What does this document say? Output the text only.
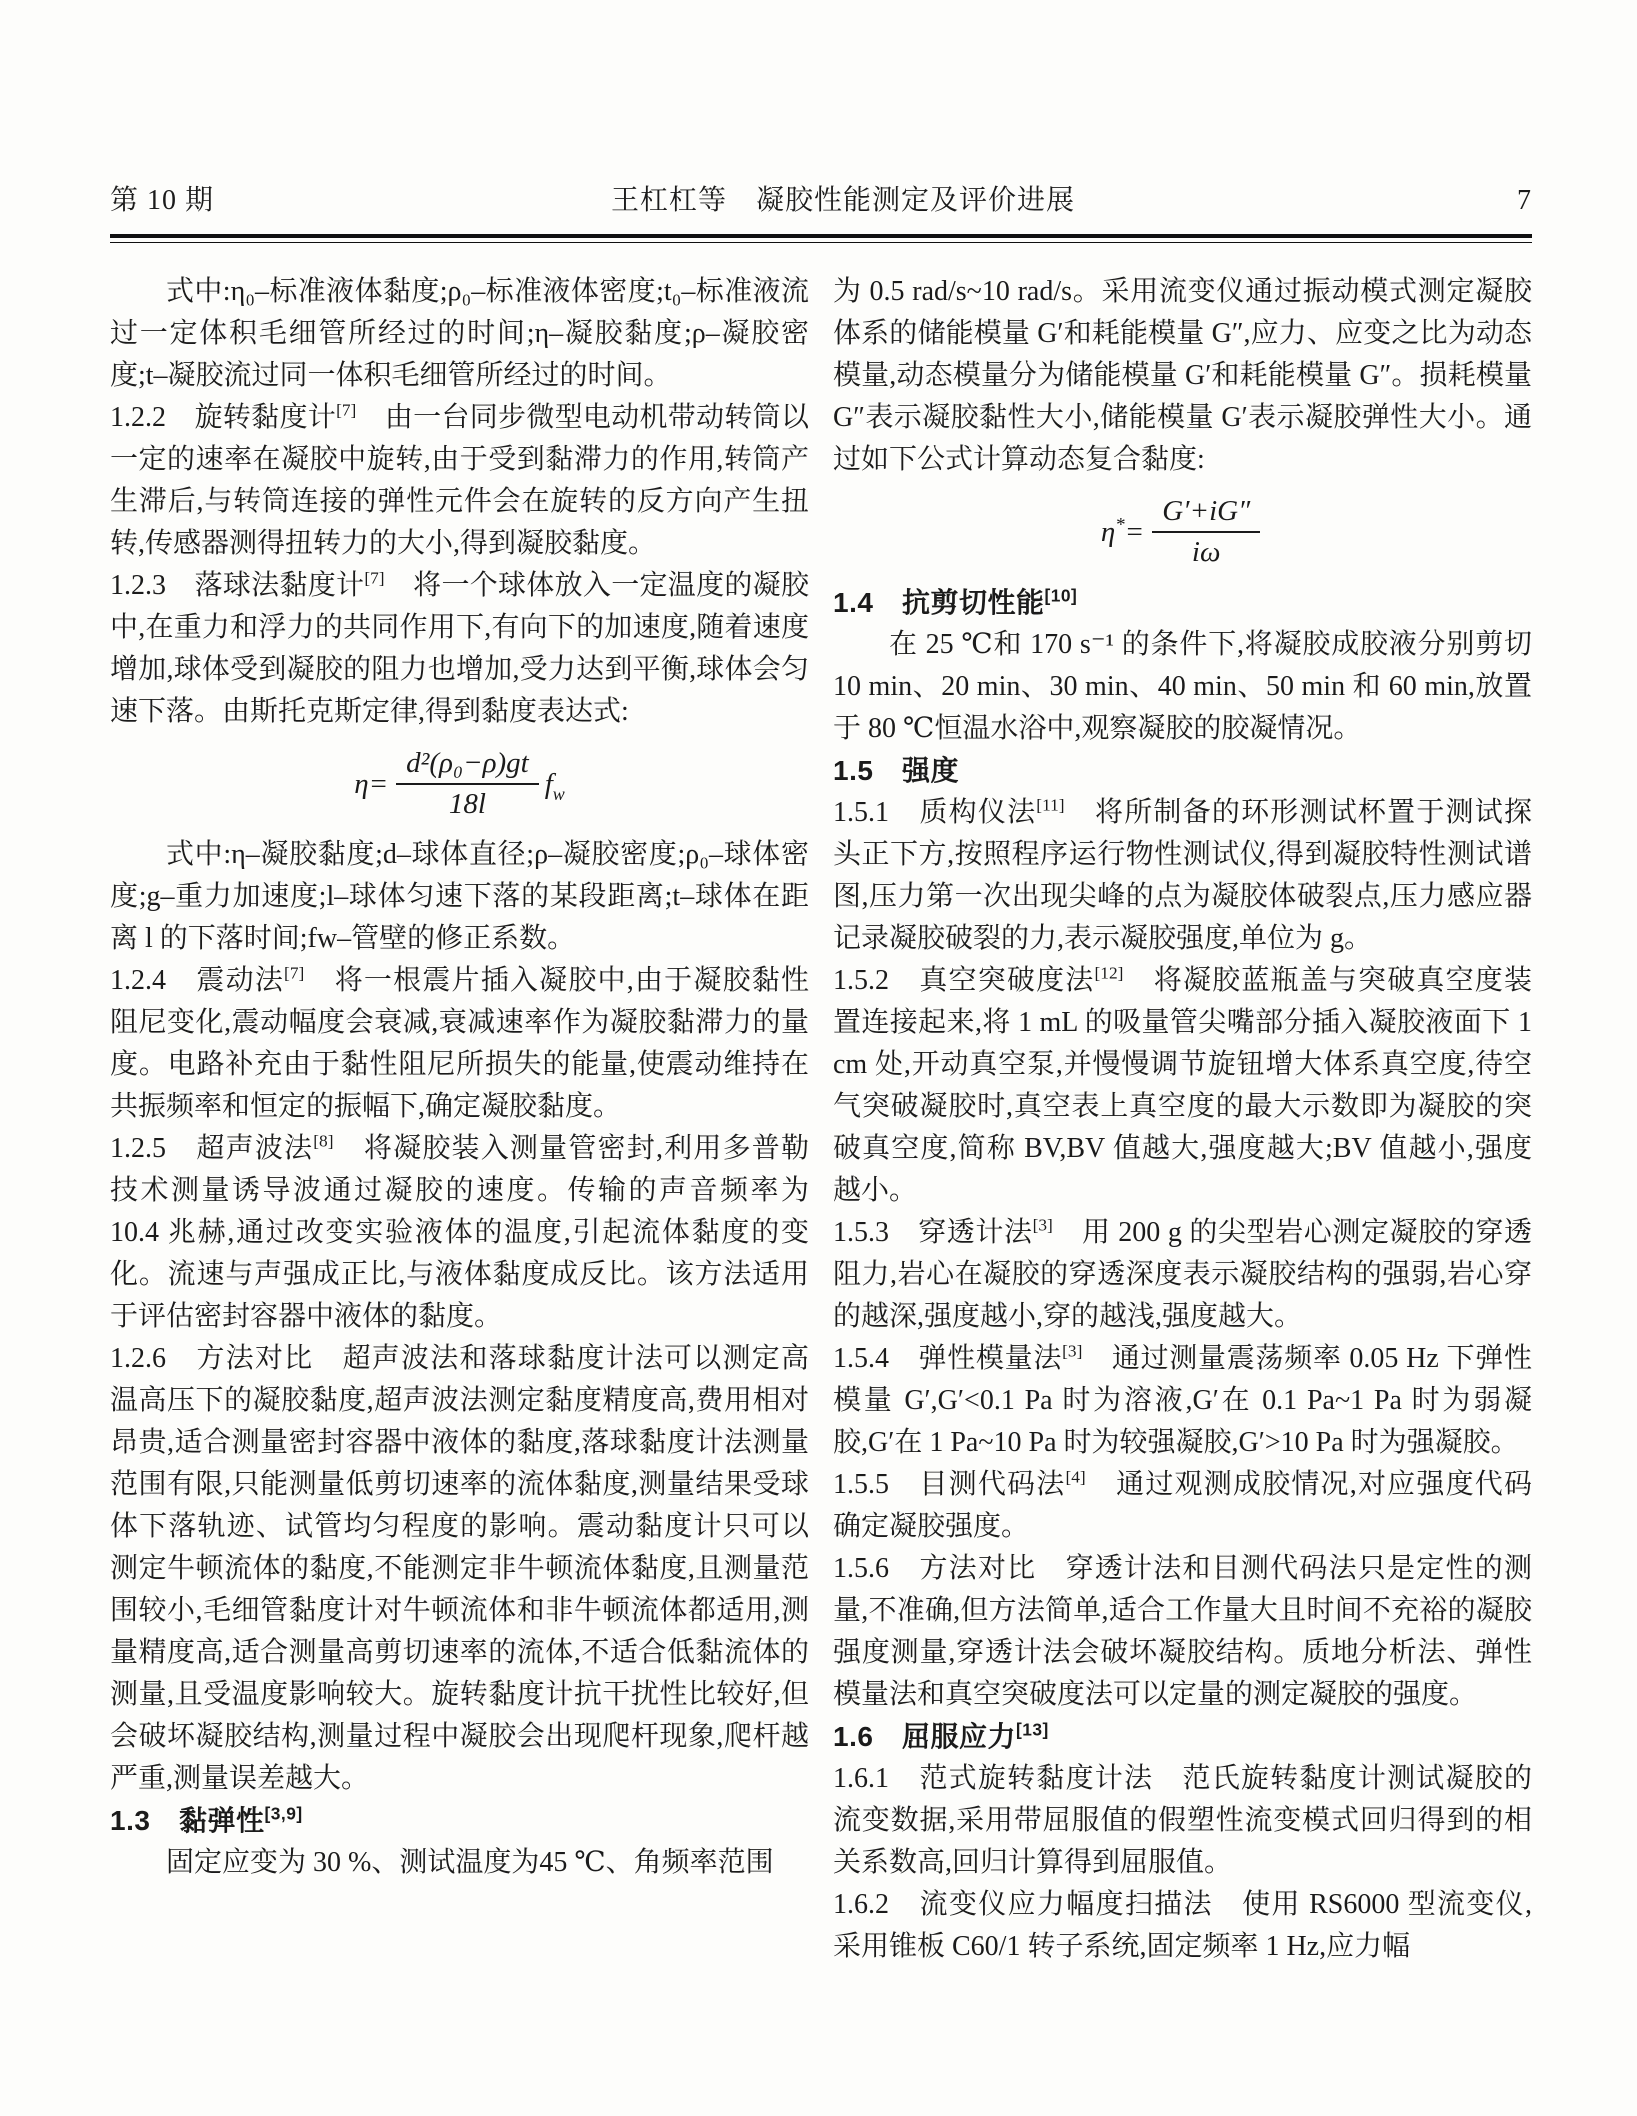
第 10 期	王杠杠等　凝胶性能测定及评价进展	7

式中:η₀–标准液体黏度;ρ₀–标准液体密度;t₀–标准液流过一定体积毛细管所经过的时间;η–凝胶黏度;ρ–凝胶密度;t–凝胶流过同一体积毛细管所经过的时间。

1.2.2　旋转黏度计[7]　由一台同步微型电动机带动转筒以一定的速率在凝胶中旋转,由于受到黏滞力的作用,转筒产生滞后,与转筒连接的弹性元件会在旋转的反方向产生扭转,传感器测得扭转力的大小,得到凝胶黏度。

1.2.3　落球法黏度计[7]　将一个球体放入一定温度的凝胶中,在重力和浮力的共同作用下,有向下的加速度,随着速度增加,球体受到凝胶的阻力也增加,受力达到平衡,球体会匀速下落。由斯托克斯定律,得到黏度表达式:

$\eta= \frac{\text{d²(ρ₀−ρ)gt}}{18l} f_w$

式中:η–凝胶黏度;d–球体直径;ρ–凝胶密度;ρ₀–球体密度;g–重力加速度;l–球体匀速下落的某段距离;t–球体在距离 l 的下落时间;fw–管壁的修正系数。

1.2.4　震动法[7]　将一根震片插入凝胶中,由于凝胶黏性阻尼变化,震动幅度会衰减,衰减速率作为凝胶黏滞力的量度。电路补充由于黏性阻尼所损失的能量,使震动维持在共振频率和恒定的振幅下,确定凝胶黏度。

1.2.5　超声波法[8]　将凝胶装入测量管密封,利用多普勒技术测量诱导波通过凝胶的速度。传输的声音频率为 10.4 兆赫,通过改变实验液体的温度,引起流体黏度的变化。流速与声强成正比,与液体黏度成反比。该方法适用于评估密封容器中液体的黏度。

1.2.6　方法对比　超声波法和落球黏度计法可以测定高温高压下的凝胶黏度,超声波法测定黏度精度高,费用相对昂贵,适合测量密封容器中液体的黏度,落球黏度计法测量范围有限,只能测量低剪切速率的流体黏度,测量结果受球体下落轨迹、试管均匀程度的影响。震动黏度计只可以测定牛顿流体的黏度,不能测定非牛顿流体黏度,且测量范围较小,毛细管黏度计对牛顿流体和非牛顿流体都适用,测量精度高,适合测量高剪切速率的流体,不适合低黏流体的测量,且受温度影响较大。旋转黏度计抗干扰性比较好,但会破坏凝胶结构,测量过程中凝胶会出现爬杆现象,爬杆越严重,测量误差越大。

1.3　黏弹性[3,9]

固定应变为 30 %、测试温度为45 ℃、角频率范围

为 0.5 rad/s~10 rad/s。采用流变仪通过振动模式测定凝胶体系的储能模量 G′和耗能模量 G″,应力、应变之比为动态模量,动态模量分为储能模量 G′和耗能模量 G″。损耗模量 G″表示凝胶黏性大小,储能模量 G′表示凝胶弹性大小。通过如下公式计算动态复合黏度:

$\eta^*= \frac{G'+iG''}{i\omega}$

1.4　抗剪切性能[10]

在 25 ℃和 170 s⁻¹ 的条件下,将凝胶成胶液分别剪切 10 min、20 min、30 min、40 min、50 min 和 60 min,放置于 80 ℃恒温水浴中,观察凝胶的胶凝情况。

1.5　强度

1.5.1　质构仪法[11]　将所制备的环形测试杯置于测试探头正下方,按照程序运行物性测试仪,得到凝胶特性测试谱图,压力第一次出现尖峰的点为凝胶体破裂点,压力感应器记录凝胶破裂的力,表示凝胶强度,单位为 g。

1.5.2　真空突破度法[12]　将凝胶蓝瓶盖与突破真空度装置连接起来,将 1 mL 的吸量管尖嘴部分插入凝胶液面下 1 cm 处,开动真空泵,并慢慢调节旋钮增大体系真空度,待空气突破凝胶时,真空表上真空度的最大示数即为凝胶的突破真空度,简称 BV,BV 值越大,强度越大;BV 值越小,强度越小。

1.5.3　穿透计法[3]　用 200 g 的尖型岩心测定凝胶的穿透阻力,岩心在凝胶的穿透深度表示凝胶结构的强弱,岩心穿的越深,强度越小,穿的越浅,强度越大。

1.5.4　弹性模量法[3]　通过测量震荡频率 0.05 Hz 下弹性模量 G′,G′<0.1 Pa 时为溶液,G′在 0.1 Pa~1 Pa 时为弱凝胶,G′在 1 Pa~10 Pa 时为较强凝胶,G′>10 Pa 时为强凝胶。

1.5.5　目测代码法[4]　通过观测成胶情况,对应强度代码确定凝胶强度。

1.5.6　方法对比　穿透计法和目测代码法只是定性的测量,不准确,但方法简单,适合工作量大且时间不充裕的凝胶强度测量,穿透计法会破坏凝胶结构。质地分析法、弹性模量法和真空突破度法可以定量的测定凝胶的强度。

1.6　屈服应力[13]

1.6.1　范式旋转黏度计法　范氏旋转黏度计测试凝胶的流变数据,采用带屈服值的假塑性流变模式回归得到的相关系数高,回归计算得到屈服值。

1.6.2　流变仪应力幅度扫描法　使用 RS6000 型流变仪,采用锥板 C60/1 转子系统,固定频率 1 Hz,应力幅
